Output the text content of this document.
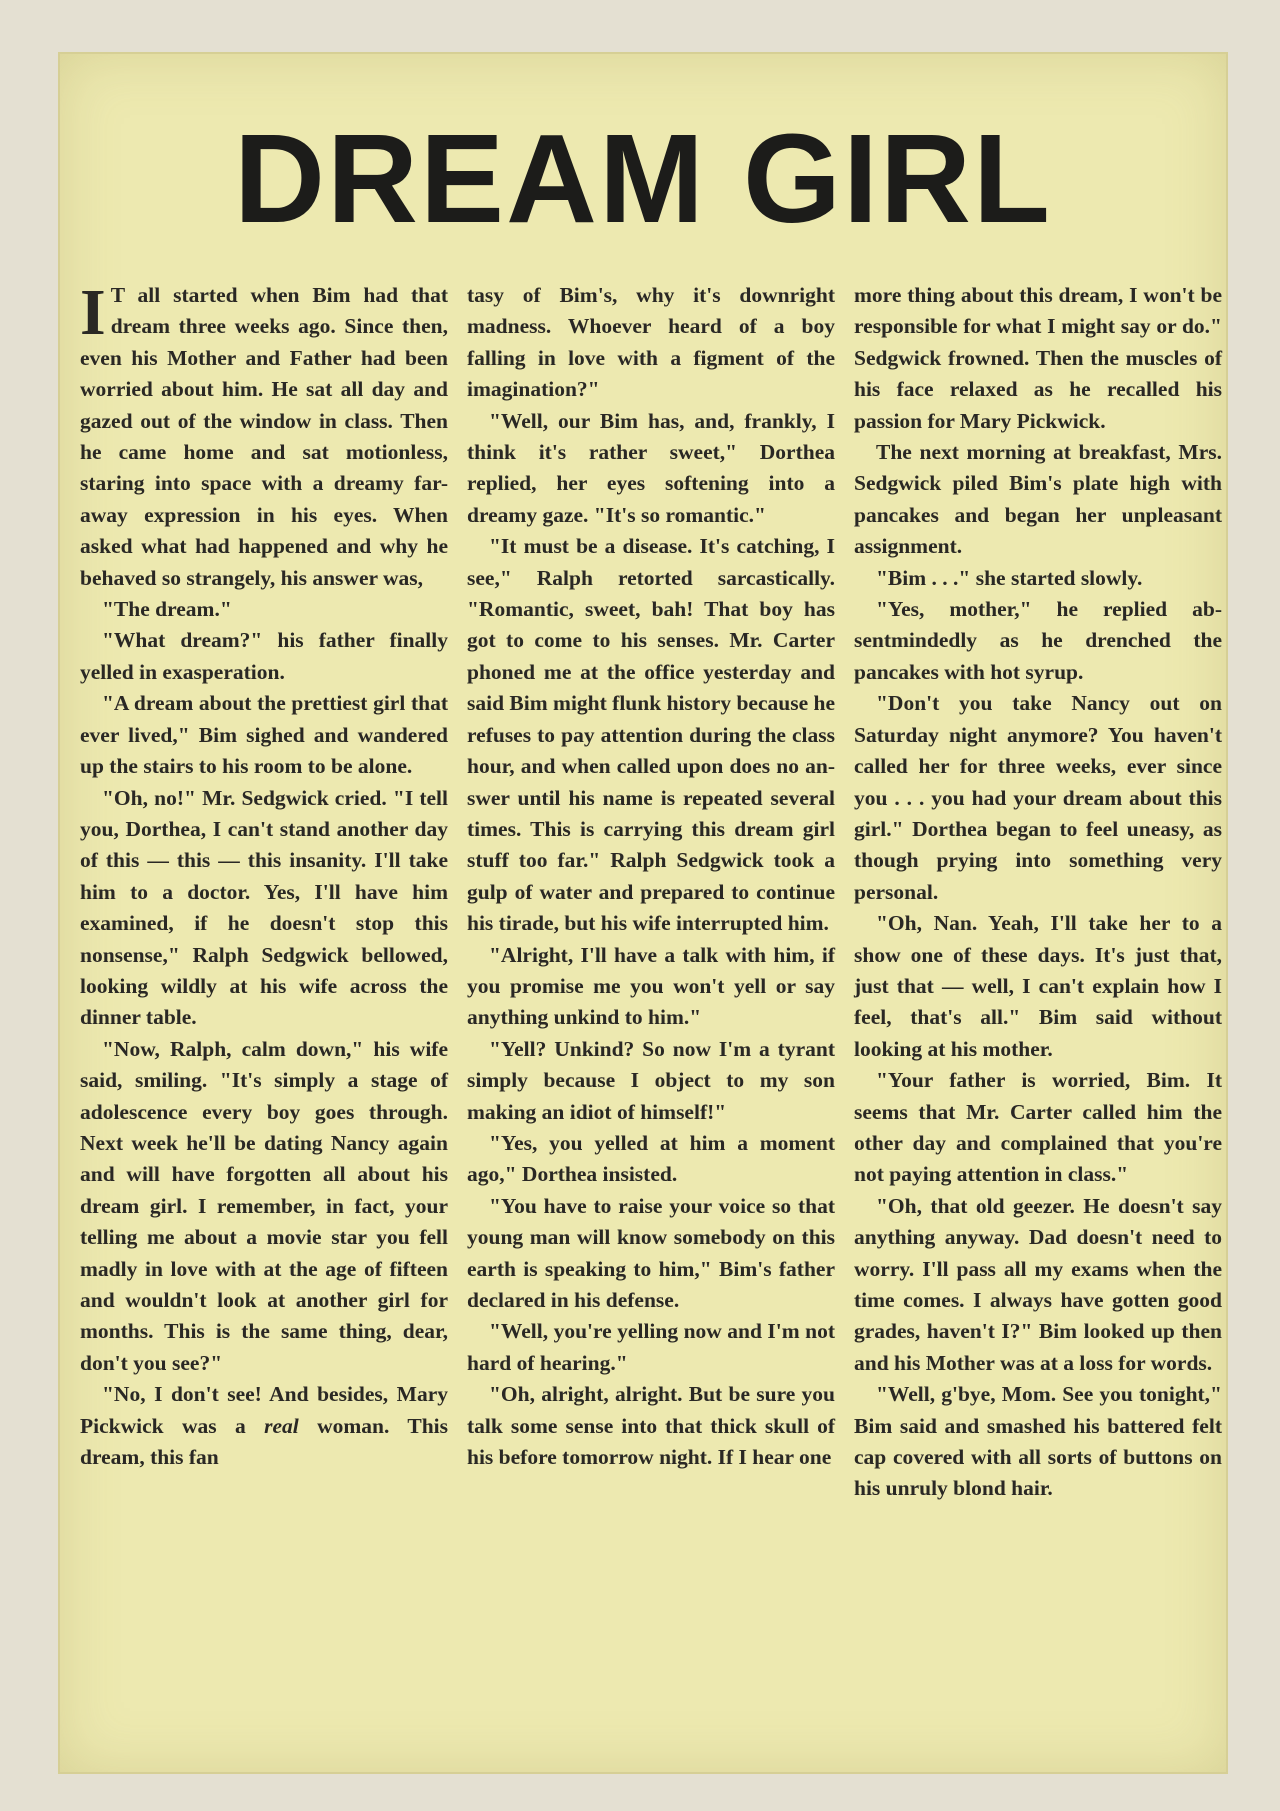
DREAM GIRL

I T all started when Bim had that dream three weeks ago. Since then, even his Mother and Father had been worried about him. He sat all day and gazed out of the window in class. Then he came home and sat motionless, staring into space with a dreamy far-away expression in his eyes. When asked what had happened and why he behaved so strangely, his answer was,

"The dream."

"What dream?" his father finally yelled in exasperation.

"A dream about the prettiest girl that ever lived," Bim sighed and wandered up the stairs to his room to be alone.

"Oh, no!" Mr. Sedgwick cried. "I tell you, Dorthea, I can't stand another day of this — this — this insanity. I'll take him to a doctor. Yes, I'll have him examined, if he doesn't stop this nonsense," Ralph Sedgwick bellowed, looking wildly at his wife across the dinner table.

"Now, Ralph, calm down," his wife said, smiling. "It's simply a stage of adolescence every boy goes through. Next week he'll be dating Nancy again and will have forgotten all about his dream girl. I remember, in fact, your telling me about a movie star you fell madly in love with at the age of fifteen and wouldn't look at another girl for months. This is the same thing, dear, don't you see?"

"No, I don't see! And besides, Mary Pickwick was a real woman. This dream, this fan

tasy of Bim's, why it's downright madness. Whoever heard of a boy falling in love with a figment of the imagination?"

"Well, our Bim has, and, frankly, I think it's rather sweet," Dorthea replied, her eyes softening into a dreamy gaze. "It's so romantic."

"It must be a disease. It's catching, I see," Ralph retorted sarcastically. "Romantic, sweet, bah! That boy has got to come to his senses. Mr. Carter phoned me at the office yesterday and said Bim might flunk history because he refuses to pay attention during the class hour, and when called upon does no answer until his name is repeated several times. This is carrying this dream girl stuff too far." Ralph Sedgwick took a gulp of water and prepared to continue his tirade, but his wife interrupted him.

"Alright, I'll have a talk with him, if you promise me you won't yell or say anything unkind to him."

"Yell? Unkind? So now I'm a tyrant simply because I object to my son making an idiot of himself!"

"Yes, you yelled at him a moment ago," Dorthea insisted.

"You have to raise your voice so that young man will know somebody on this earth is speaking to him," Bim's father declared in his defense.

"Well, you're yelling now and I'm not hard of hearing."

"Oh, alright, alright. But be sure you talk some sense into that thick skull of his before tomorrow night. If I hear one

more thing about this dream, I won't be responsible for what I might say or do." Sedgwick frowned. Then the muscles of his face relaxed as he recalled his passion for Mary Pickwick.

The next morning at breakfast, Mrs. Sedgwick piled Bim's plate high with pancakes and began her unpleasant assignment.

"Bim . . ." she started slowly.

"Yes, mother," he replied absentmindedly as he drenched the pancakes with hot syrup.

"Don't you take Nancy out on Saturday night anymore? You haven't called her for three weeks, ever since you . . . you had your dream about this girl." Dorthea began to feel uneasy, as though prying into something very personal.

"Oh, Nan. Yeah, I'll take her to a show one of these days. It's just that, just that — well, I can't explain how I feel, that's all." Bim said without looking at his mother.

"Your father is worried, Bim. It seems that Mr. Carter called him the other day and complained that you're not paying attention in class."

"Oh, that old geezer. He doesn't say anything anyway. Dad doesn't need to worry. I'll pass all my exams when the time comes. I always have gotten good grades, haven't I?" Bim looked up then and his Mother was at a loss for words.

"Well, g'bye, Mom. See you tonight," Bim said and smashed his battered felt cap covered with all sorts of buttons on his unruly blond hair.
